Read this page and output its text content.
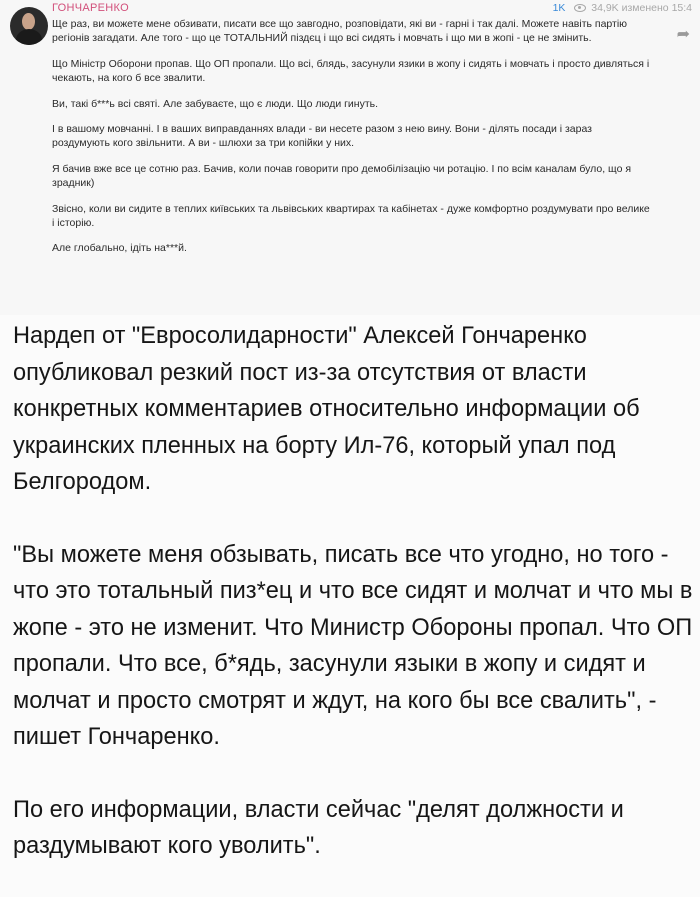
ГОНЧАРЕНКО	1K 34,9K изменено 15:4
➦

Ще раз, ви можете мене обзивати, писати все що завгодно, розповідати, які ви - гарні і так далі. Можете навіть партію регіонів загадати. Але того - що це ТОТАЛЬНИЙ піздєц і що всі сидять і мовчать і що ми в жопі - це не змінить.

Що Міністр Оборони пропав. Що ОП пропали. Що всі, блядь, засунули язики в жопу і сидять і мовчать і просто дивляться і чекають, на кого б все звалити.

Ви, такі б***ь всі святі. Але забуваєте, що є люди. Що люди гинуть.

І в вашому мовчанні. І в ваших виправданнях влади - ви несете разом з нею вину. Вони - ділять посади і зараз роздумують кого звільнити. А ви - шлюхи за три копійки у них.

Я бачив вже все це сотню раз. Бачив, коли почав говорити про демобілізацію чи ротацію. І по всім каналам було, що я зрадник)

Звісно, коли ви сидите в теплих київських та львівських квартирах та кабінетах - дуже комфортно роздумувати про велике і історію.

Але глобально, ідіть на***й.

Нардеп от "Евросолидарности" Алексей Гончаренко опубликовал резкий пост из-за отсутствия от власти конкретных комментариев относительно информации об украинских пленных на борту Ил-76, который упал под Белгородом.

"Вы можете меня обзывать, писать все что угодно, но того - что это тотальный пиз*ец и что все сидят и молчат и что мы в жопе - это не изменит. Что Министр Обороны пропал. Что ОП пропали. Что все, б*ядь, засунули языки в жопу и сидят и молчат и просто смотрят и ждут, на кого бы все свалить", - пишет Гончаренко.

По его информации, власти сейчас "делят должности и раздумывают кого уволить".
